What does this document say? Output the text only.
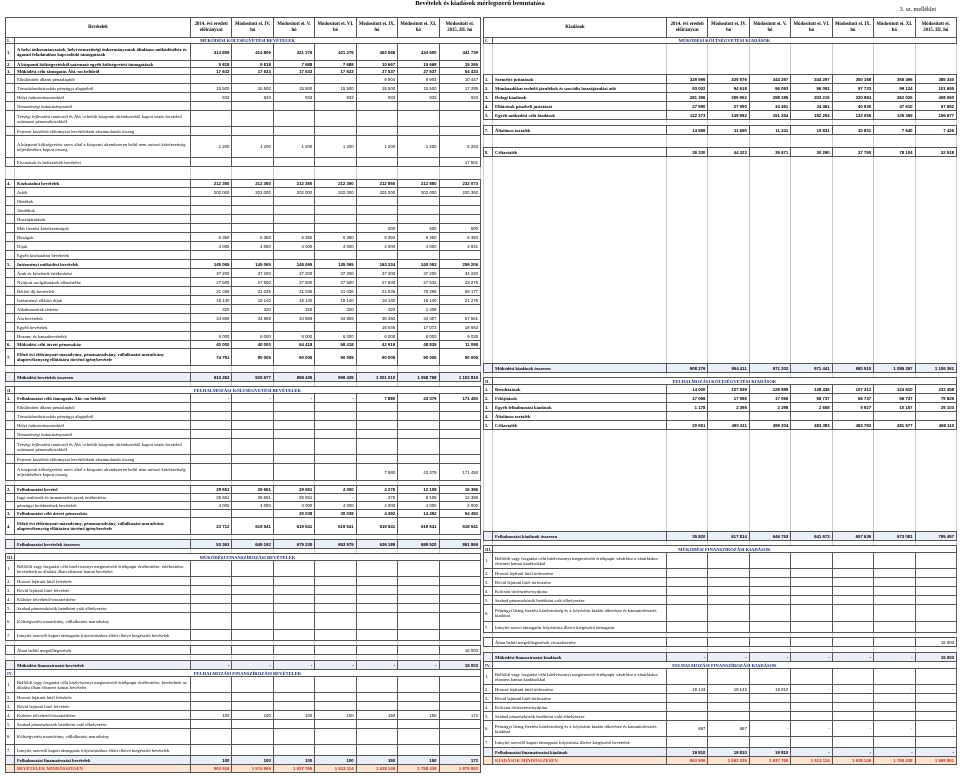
Bevételek és kiadások mérlegszerű bemutatása
3. sz. melléklet
Bevételek		2014. évi eredeti előirányzat	Módosított ei. IV. hó	Módosított ei. V. hó	Módosított ei. VI. hó	Módosított ei. IX. hó	Módosított ei. XI. hó	Módosított ei. 2015. III. hó
I.	MŰKÖDÉSI KÖLTSÉGVETÉSI BEVÉTELEK							
1.	A helyi önkormányzatok, helyi nemzetiségi önkormányzatok általános működéséhez és ágazati feladataihoz kapcsolódó támogatások	414 806	414 806	421 276	421 276	453 558	434 600	441 739
2.	A központi költségvetésből származó egyéb költségvetési támogatások	5 818	5 818	7 688	7 688	10 667	15 668	15 265
3.	Működési célú támogatás Áht.-on belülről	17 633	17 633	17 633	17 633	27 537	27 537	54 433
	Elkülönített állami pénzalapból					9 904	9 904	10 447
	Társadalombiztosítás pénzügyi alapjaiból	15 500	15 500	15 500	15 500	15 500	15 500	17 289
	Helyi önkormányzatoktól	933	933	933	933	933	933	933
	Nemzetiségi önkormányzattól							
	Térségi fejlesztési tanácstól és Áht.-n belüli központi alrendszerből kapott uniós forrásból származó pénzeszközökből							
	Fejezeti kezelésű előirányzat bevételeként elszámolandó összeg							
	A központi költségvetési szerv által a központi alrendszeren belül nem tartozó kötelezettség teljesítéséhez kapott összeg	1 200	1 200	1 200	1 200	1 200	1 200	5 263
	Elvonások és befizetések bevételei							17 501

4.	Közhatalmi bevételek	212 350	212 350	212 350	212 350	212 850	212 850	232 073
	Adók	202 000	202 000	202 000	202 000	202 000	202 000	220 392
	Illetékek							
	Járulékok							
	Hozzájárulások							
	Más fizetési kötelezettségek					500	500	500
	Bírságok	6 350	6 350	6 350	6 350	6 350	6 350	6 350
	Díjak	4 000	4 000	4 000	4 000	4 000	4 000	4 831
	Egyéb közhatalmi bevételek							
5.	Intézményi működési bevételek	145 065	145 065	145 065	145 065	163 334	240 053	259 206
	Áruk és készletek értékesítése	37 200	37 200	37 200	37 200	37 200	37 200	34 220
	Nyújtott szolgáltatások ellenértéke	27 500	27 500	27 500	27 500	27 500	27 533	33 275
	Bérleti díj bevételek	21 036	21 036	21 036	21 036	21 036	79 395	69 177
	Intézményi ellátási díjak	18 140	18 140	18 140	18 140	18 140	18 140	21 275
	Alkalmazottak térítése	320	320	320	320	320	1 406	
	Áfa bevételek	34 869	34 869	34 869	34 869	36 492	34 307	57 561
	Egyéb bevételek					16 646	17 072	18 663
	Hozam- és kamatbevételek	6 000	6 000	6 000	6 000	6 000	6 000	9 035
6.	Működési célú átvett pénzeszköz	40 000	40 000	64 418	68 418	42 919	48 835	11 098
7.	Előző évi előirányzat-maradvány, pénzmaradvány, vállalkozási maradvány alaptevékenység ellátására történő igénybevétele	74 781	90 005	90 005	90 005	90 005	90 005	90 005

	Működési bevételek összesen	910 453	925 677	958 435	959 435	1 001 010	1 068 768	1 102 819

II.	FELHALMOZÁSI KÖLTSÉGVETÉSI BEVÉTELEK							
1.	Felhalmozási célú támogatás Áht.-on belülről	-	-	-	-	7 880	43 379	171 450
	Elkülönített állami pénzalapból							
	Társadalombiztosítás pénzügyi alapjaiból							
	Helyi önkormányzatoktól							
	Nemzetiségi önkormányzattól							
	Térségi fejlesztési tanácstól és Áht.-n belüli központi alrendszerből kapott uniós forrásból származó pénzeszközökből							
	Fejezeti kezelésű előirányzat bevételeként elszámolandó összeg							
	A központi költségvetési szerv által a központi alrendszeren belül nem tartozó kötelezettség teljesítéséhez kapott összeg					7 880	43 379	171 450

2.	Felhalmozási bevétel	29 651	29 651	29 651	4 000	4 276	12 108	16 386
	Ingó eszközök és immateriális javak értékesítése	25 651	25 651	25 651	-	276	8 108	12 386
	pénzügyi befektetések bevételek	4 000	4 000	4 000	4 000	4 000	4 000	4 000
3.	Felhalmozási célú átvett pénzeszköz			30 038	30 038	4 492	14 492	54 492
4.	Előző évi előirányzat-maradvány, pénzmaradvány, vállalkozási maradvány alaptevékenység ellátására történő igénybevétele	23 712	619 541	619 541	619 541	619 541	619 541	619 541

	Felhalmozási bevételek összesen	53 363	649 192	679 230	653 579	636 189	689 520	861 869

III.	MŰKÖDÉSI FINANSZÍROZÁSI BEVÉTELEK							
1.	Belföldi vagy forgatási célú hitelviszonyt megtestesítő értékpapír értékesítése, értékesítése, bevételnek az általási ilban elismert kamat bevételei							
2.	Hosszú lejáratú hitel felvétele							
3.	Rövid lejáratú hitel felvétele							
4.	Külsőre felvehető/visszatérítése							
5.	Szabad pénzeszközök betétként való elhelyezése							
6.	Költségvetési maradvány, vállalkozási maradvány							
7.	Irányító szervtől kapott támogatás folyósításához előírt illetve kiegészítő bevételek							

	Áhon belüli megelőlegezések							15 003

	Működési finanszírozási bevételek	-	-	-	-	-	-	15 003
IV.	FELHALMOZÁSI FINANSZÍROZÁSI BEVÉTELEK							
1.	Belföldi vagy forgatási célú hitelviszonyt megtestesítő értékpapír értékesítése, bevételnek az általási ilban elismert kamat bevételei							
2.	Hosszú lejáratú hitel felvétele							
3.	Rövid lejáratú hitel felvétele							
4.	Külsőre felvehető/visszatérítése	100	100	100	100	150	150	172
5.	Szabad pénzeszközök betétként való elhelyezése							
6.	Költségvetési maradvány, vállalkozási maradvány							
7.	Irányító szervtől kapott támogatás folyósításához előírt illetve kiegészítő bevételek							
	Felhalmozási finanszírozási bevételek	100	100	100	100	150	150	172
	BEVÉTELEK MINDÖSSZESEN	963 916	1 574 969	1 637 765	1 613 114	1 638 149	1 758 438	1 979 863
Kiadások		2014. évi eredeti előirányzat	Módosított ei. IV. hó	Módosított ei. V. hó	Módosított ei. VI. hó	Módosított ei. IX. hó	Módosított ei. XI. hó	Módosított ei. 2015. III. hó
I.	MŰKÖDÉSI KÖLTSÉGVETÉSI KIADÁSOK							

1.	Személyi juttatások	329 596	335 576	344 297	344 297	350 168	355 496	385 340
2.	Munkaadókat terhelő járulékok és szociális hozzájárulási adó	93 002	94 618	96 093	96 093	97 733	99 124	101 655
3.	Dologi kiadások	281 396	289 952	298 185	303 215	320 984	362 026	408 060
4.	Ellátottak pénzbeli juttatásai	27 990	27 990	34 461	34 461	40 930	47 610	67 652
5.	Egyéb működési célú kiadások	122 373	149 992	151 254	152 254	132 055	135 355	156 677

7.	Általános tartalék	14 586	11 660	11 241	10 831	10 831	7 640	7 426

8.	Céltartalék	39 330	44 323	35 671	30 290	27 790	78 104	32 518

	Működési kiadások összesen	908 276	954 411	971 202	971 441	980 510	1 085 357	1 159 361

II.	FELHALMOZÁSI KÖLTSÉGVETÉSI KIADÁSOK							
1.	Beruházások	14 000	107 939	128 985	138 436	107 312	124 610	222 458
2.	Felújítások	17 066	17 066	17 066	56 737	56 737	56 737	79 826
3.	Egyéb felhalmozási kiadások	1 178	2 398	2 398	2 608	9 927	10 157	25 103
4.	Általános tartalék							
5.	Céltartalék	20 651	490 411	499 204	483 383	483 783	481 577	468 110

	Felhalmozási kiadások összesen	35 820	617 814	646 753	641 673	657 639	673 081	795 497

III.	MŰKÖDÉSI FINANSZÍROZÁSI KIADÁSOK							
1.	Belföldi vagy forgatási célú hitelviszonyt megtestesítő értékpapír vásárlása a vásárláskor elismert kamat kiadásokkal							
2.	Hosszú lejáratú hitel törlesztése							
3.	Rövid lejáratú hitel törlesztése							
4.	Kölcsön törlesztése/nyújtása							
5.	Szabad pénzeszközök betétként való elhelyezése							
6.	Pénzügyi lízing fizetési kötelezettség és a folyósítás kiadás tőkerésze és kamattörlesztés kiadásai							
7.	Irányító szervi támogatás folyósítása illetve kiegészítő támogatás							

	Áhon belüli megelőlegezések visszafizetése							15 003

	Működési finanszírozási kiadások	-	-	-	-	-	-	15 003
IV.	FELHALMOZÁSI FINANSZÍROZÁSI KIADÁSOK							
1.	Belföldi vagy forgatási célú hitelviszonyt megtestesítő értékpapír vásárlása a vásárláskor elismert kamat kiadásokkal							
2.	Hosszú lejáratú hitel törlesztése	19 143	19 143	19 810	-	-	-	-
3.	Rövid lejáratú hitel törlesztése							
4.	Kölcsön törlesztése/nyújtása							
5.	Szabad pénzeszközök betétként való elhelyezése							
6.	Pénzügyi lízing fizetési kötelezettség és a folyósítás kiadás tőkerésze és kamattörlesztés kiadásai	667	667	-	-	-	-	-
7.	Irányító szervtől kapott támogatás folyósítása illetve kiegészítő bevételek							
	Felhalmozási finanszírozási kiadások	19 810	19 810	19 810	-	-	-	-
	KIADÁSOK MINDÖSSZESEN	963 906	1 592 035	1 637 765	1 613 114	1 638 149	1 758 438	1 969 861
